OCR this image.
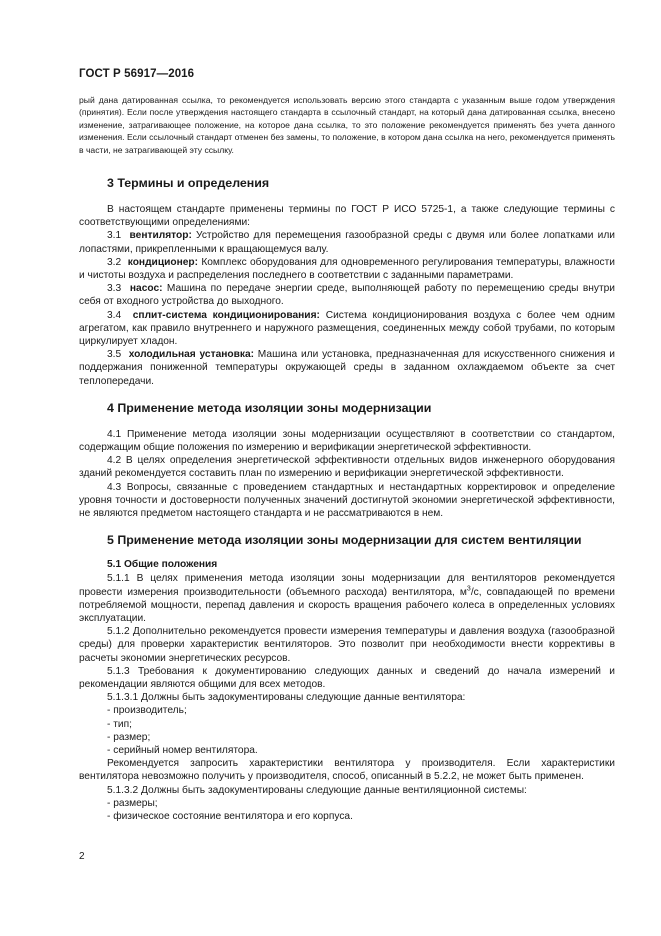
ГОСТ Р 56917—2016

рый дана датированная ссылка, то рекомендуется использовать версию этого стандарта с указанным выше годом утверждения (принятия). Если после утверждения настоящего стандарта в ссылочный стандарт, на который дана датированная ссылка, внесено изменение, затрагивающее положение, на которое дана ссылка, то это положение рекомендуется применять без учета данного изменения. Если ссылочный стандарт отменен без замены, то положение, в котором дана ссылка на него, рекомендуется применять в части, не затрагивающей эту ссылку.

3 Термины и определения

В настоящем стандарте применены термины по ГОСТ Р ИСО 5725-1, а также следующие термины с соответствующими определениями:

3.1 вентилятор: Устройство для перемещения газообразной среды с двумя или более лопатками или лопастями, прикрепленными к вращающемуся валу.

3.2 кондиционер: Комплекс оборудования для одновременного регулирования температуры, влажности и чистоты воздуха и распределения последнего в соответствии с заданными параметрами.

3.3 насос: Машина по передаче энергии среде, выполняющей работу по перемещению среды внутри себя от входного устройства до выходного.

3.4 сплит-система кондиционирования: Система кондиционирования воздуха с более чем одним агрегатом, как правило внутреннего и наружного размещения, соединенных между собой трубами, по которым циркулирует хладон.

3.5 холодильная установка: Машина или установка, предназначенная для искусственного снижения и поддержания пониженной температуры окружающей среды в заданном охлаждаемом объекте за счет теплопередачи.

4 Применение метода изоляции зоны модернизации

4.1 Применение метода изоляции зоны модернизации осуществляют в соответствии со стандартом, содержащим общие положения по измерению и верификации энергетической эффективности.

4.2 В целях определения энергетической эффективности отдельных видов инженерного оборудования зданий рекомендуется составить план по измерению и верификации энергетической эффективности.

4.3 Вопросы, связанные с проведением стандартных и нестандартных корректировок и определение уровня точности и достоверности полученных значений достигнутой экономии энергетической эффективности, не являются предметом настоящего стандарта и не рассматриваются в нем.

5 Применение метода изоляции зоны модернизации для систем вентиляции
5.1 Общие положения

5.1.1 В целях применения метода изоляции зоны модернизации для вентиляторов рекомендуется провести измерения производительности (объемного расхода) вентилятора, $м^3/с$, совпадающей по времени потребляемой мощности, перепад давления и скорость вращения рабочего колеса в определенных условиях эксплуатации.

5.1.2 Дополнительно рекомендуется провести измерения температуры и давления воздуха (газообразной среды) для проверки характеристик вентиляторов. Это позволит при необходимости внести коррективы в расчеты экономии энергетических ресурсов.

5.1.3 Требования к документированию следующих данных и сведений до начала измерений и рекомендации являются общими для всех методов.

5.1.3.1 Должны быть задокументированы следующие данные вентилятора:

- производитель;

- тип;

- размер;

- серийный номер вентилятора.

Рекомендуется запросить характеристики вентилятора у производителя. Если характеристики вентилятора невозможно получить у производителя, способ, описанный в 5.2.2, не может быть применен.

5.1.3.2 Должны быть задокументированы следующие данные вентиляционной системы:

- размеры;

- физическое состояние вентилятора и его корпуса.

2
